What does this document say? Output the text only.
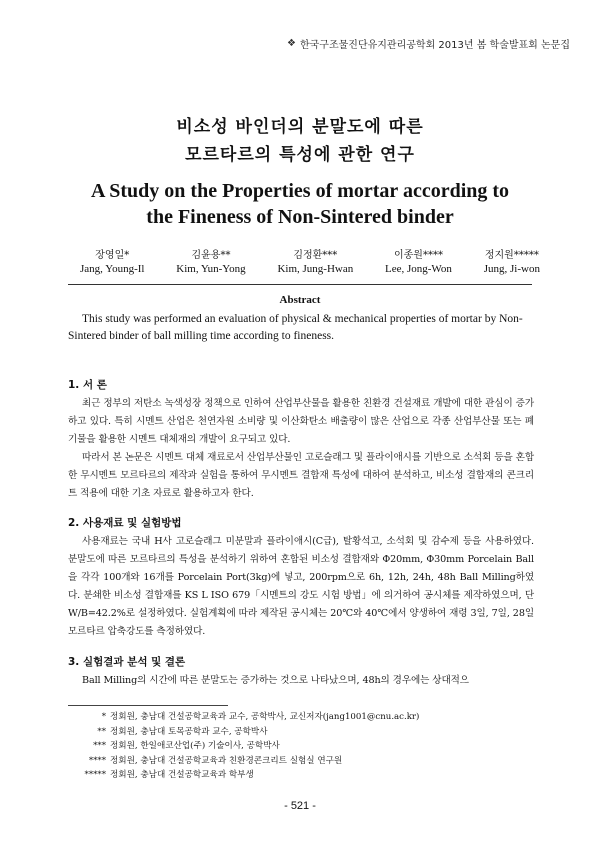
❖ 한국구조물진단유지관리공학회 2013년 봄 학술발표회 논문집
비소성 바인더의 분말도에 따른
모르타르의 특성에 관한 연구
A Study on the Properties of mortar according to
the Fineness of Non-Sintered binder
장영일*
Jang, Young-Il
김윤용**
Kim, Yun-Yong
김정환***
Kim, Jung-Hwan
이종원****
Lee, Jong-Won
정지원*****
Jung, Ji-won
Abstract
This study was performed an evaluation of physical & mechanical properties of mortar by Non-Sintered binder of ball milling time according to fineness.
1. 서 론
최근 정부의 저탄소 녹색성장 정책으로 인하여 산업부산물을 활용한 친환경 건설재료 개발에 대한 관심이 증가하고 있다. 특히 시멘트 산업은 천연자원 소비량 및 이산화탄소 배출량이 많은 산업으로 각종 산업부산물 또는 폐기물을 활용한 시멘트 대체재의 개발이 요구되고 있다.
따라서 본 논문은 시멘트 대체 재료로서 산업부산물인 고로슬래그 및 플라이애시를 기반으로 소석회 등을 혼합한 무시멘트 모르타르의 제작과 실험을 통하여 무시멘트 결합재 특성에 대하여 분석하고, 비소성 결합재의 콘크리트 적용에 대한 기초 자료로 활용하고자 한다.
2. 사용재료 및 실험방법
사용재료는 국내 H사 고로슬래그 미분말과 플라이애시(C급), 탈황석고, 소석회 및 감수제 등을 사용하였다. 분말도에 따른 모르타르의 특성을 분석하기 위하여 혼합된 비소성 결합재와 Φ20mm, Φ30mm Porcelain Ball을 각각 100개와 16개를 Porcelain Port(3kg)에 넣고, 200rpm으로 6h, 12h, 24h, 48h Ball Milling하였다. 분쇄한 비소성 결합재를 KS L ISO 679「시멘트의 강도 시험 방법」에 의거하여 공시체를 제작하였으며, 단 W/B=42.2%로 설정하였다. 실험계획에 따라 제작된 공시체는 20℃와 40℃에서 양생하여 재령 3일, 7일, 28일 모르타르 압축강도를 측정하였다.
3. 실험결과 분석 및 결론
Ball Milling의 시간에 따른 분말도는 증가하는 것으로 나타났으며, 48h의 경우에는 상대적으
* 정회원, 충남대 건설공학교육과 교수, 공학박사, 교신저자(jang1001@cnu.ac.kr)
** 정회원, 충남대 토목공학과 교수, 공학박사
*** 정회원, 한일애코산업(주) 기술이사, 공학박사
**** 정회원, 충남대 건설공학교육과 친환경콘크리트 실험실 연구원
***** 정회원, 충남대 건설공학교육과 학부생
- 521 -
